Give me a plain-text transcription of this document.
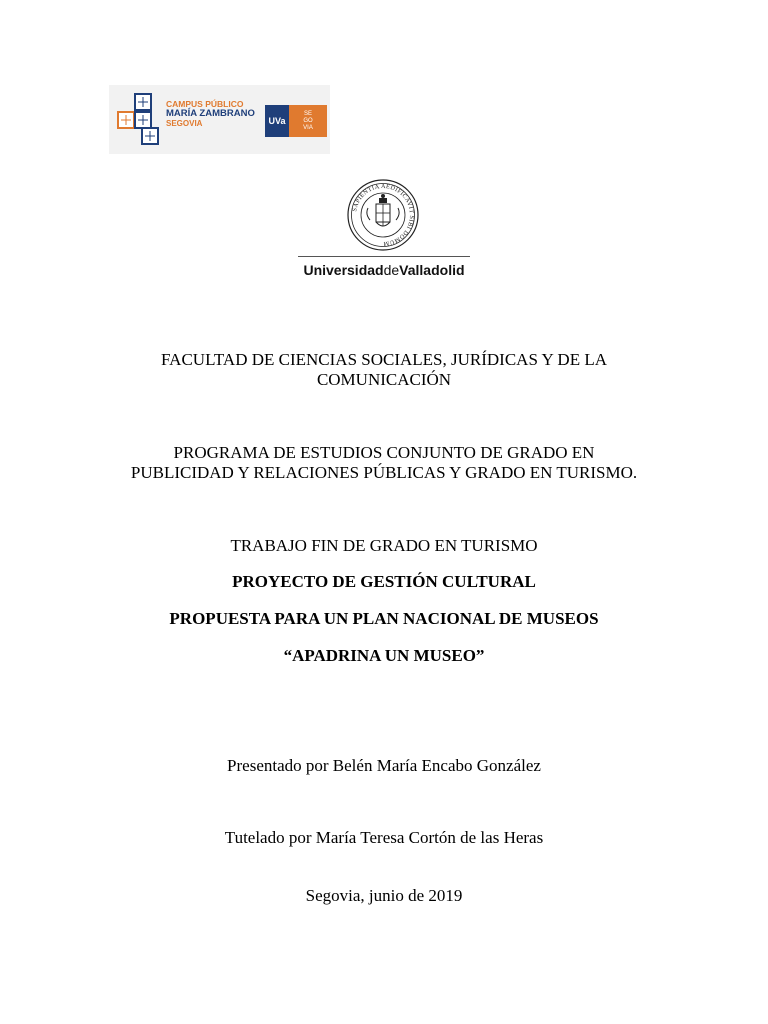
CAMPUS PÚBLICO
MARÍA ZAMBRANO
SEGOVIA	UVa
SE
GO
VIA
SAPIENTIA AEDIFICAVIT SIBI DOMUM
UniversidaddeValladolid
FACULTAD DE CIENCIAS SOCIALES, JURÍDICAS Y DE LA
COMUNICACIÓN
PROGRAMA DE ESTUDIOS CONJUNTO DE GRADO EN
PUBLICIDAD Y RELACIONES PÚBLICAS Y GRADO EN TURISMO.
TRABAJO FIN DE GRADO EN TURISMO
PROYECTO DE GESTIÓN CULTURAL
PROPUESTA PARA UN PLAN NACIONAL DE MUSEOS
“APADRINA UN MUSEO”
Presentado por Belén María Encabo González
Tutelado por María Teresa Cortón de las Heras
Segovia, junio de 2019
